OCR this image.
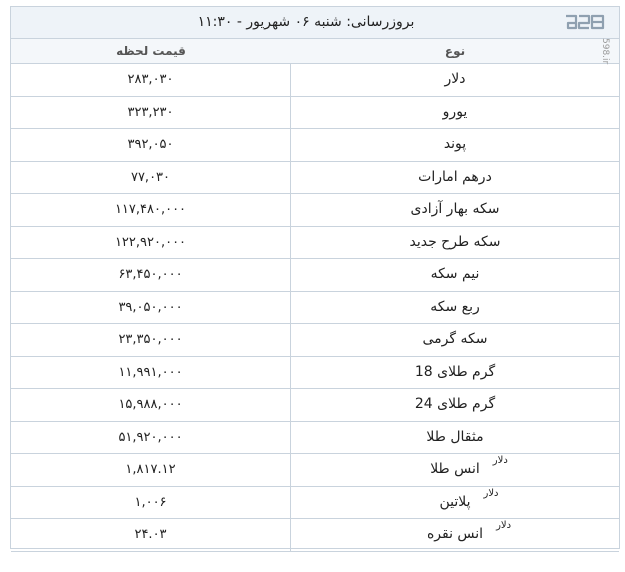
بروزرسانی: شنبه ۰۶ شهریور - ۱۱:۳۰
598
قیمت لحظه	نوع
۲۸۳,۰۳۰	دلار
۳۲۳,۲۳۰	یورو
۳۹۲,۰۵۰	پوند
۷۷,۰۳۰	درهم امارات
۱۱۷,۴۸۰,۰۰۰	سکه بهار آزادی
۱۲۲,۹۲۰,۰۰۰	سکه طرح جدید
۶۳,۴۵۰,۰۰۰	نیم سکه
۳۹,۰۵۰,۰۰۰	ربع سکه
۲۳,۳۵۰,۰۰۰	سکه گرمی
۱۱,۹۹۱,۰۰۰	گرم طلای 18
۱۵,۹۸۸,۰۰۰	گرم طلای 24
۵۱,۹۲۰,۰۰۰	مثقال طلا
۱,۸۱۷.۱۲	انس طلا
دلار
۱,۰۰۶	پلاتین
دلار
۲۴.۰۳	انس نقره
دلار
598.ir
